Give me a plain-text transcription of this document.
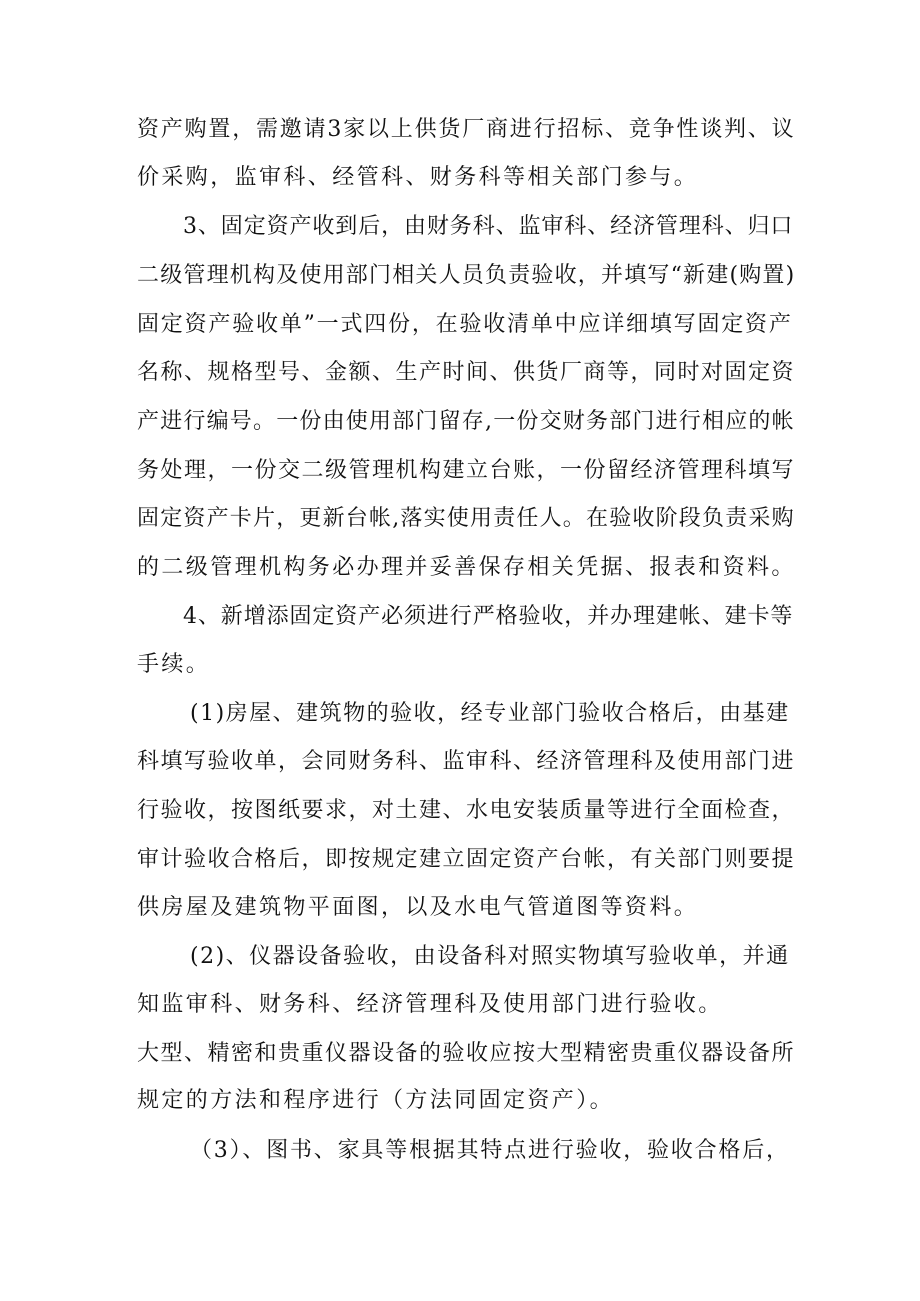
资产购置，需邀请3家以上供货厂商进行招标、竞争性谈判、议
价采购，监审科、经管科、财务科等相关部门参与。
3、固定资产收到后，由财务科、监审科、经济管理科、归口
二级管理机构及使用部门相关人员负责验收，并填写“新建(购置)
固定资产验收单”一式四份，在验收清单中应详细填写固定资产
名称、规格型号、金额、生产时间、供货厂商等，同时对固定资
产进行编号。一份由使用部门留存,一份交财务部门进行相应的帐
务处理，一份交二级管理机构建立台账，一份留经济管理科填写
固定资产卡片，更新台帐,落实使用责任人。在验收阶段负责采购
的二级管理机构务必办理并妥善保存相关凭据、报表和资料。
4、新增添固定资产必须进行严格验收，并办理建帐、建卡等
手续。
(1)房屋、建筑物的验收，经专业部门验收合格后，由基建
科填写验收单，会同财务科、监审科、经济管理科及使用部门进
行验收，按图纸要求，对土建、水电安装质量等进行全面检查，
审计验收合格后，即按规定建立固定资产台帐，有关部门则要提
供房屋及建筑物平面图，以及水电气管道图等资料。
(2)、仪器设备验收，由设备科对照实物填写验收单，并通
知监审科、财务科、经济管理科及使用部门进行验收。
大型、精密和贵重仪器设备的验收应按大型精密贵重仪器设备所
规定的方法和程序进行（方法同固定资产）。
（3）、图书、家具等根据其特点进行验收，验收合格后，
